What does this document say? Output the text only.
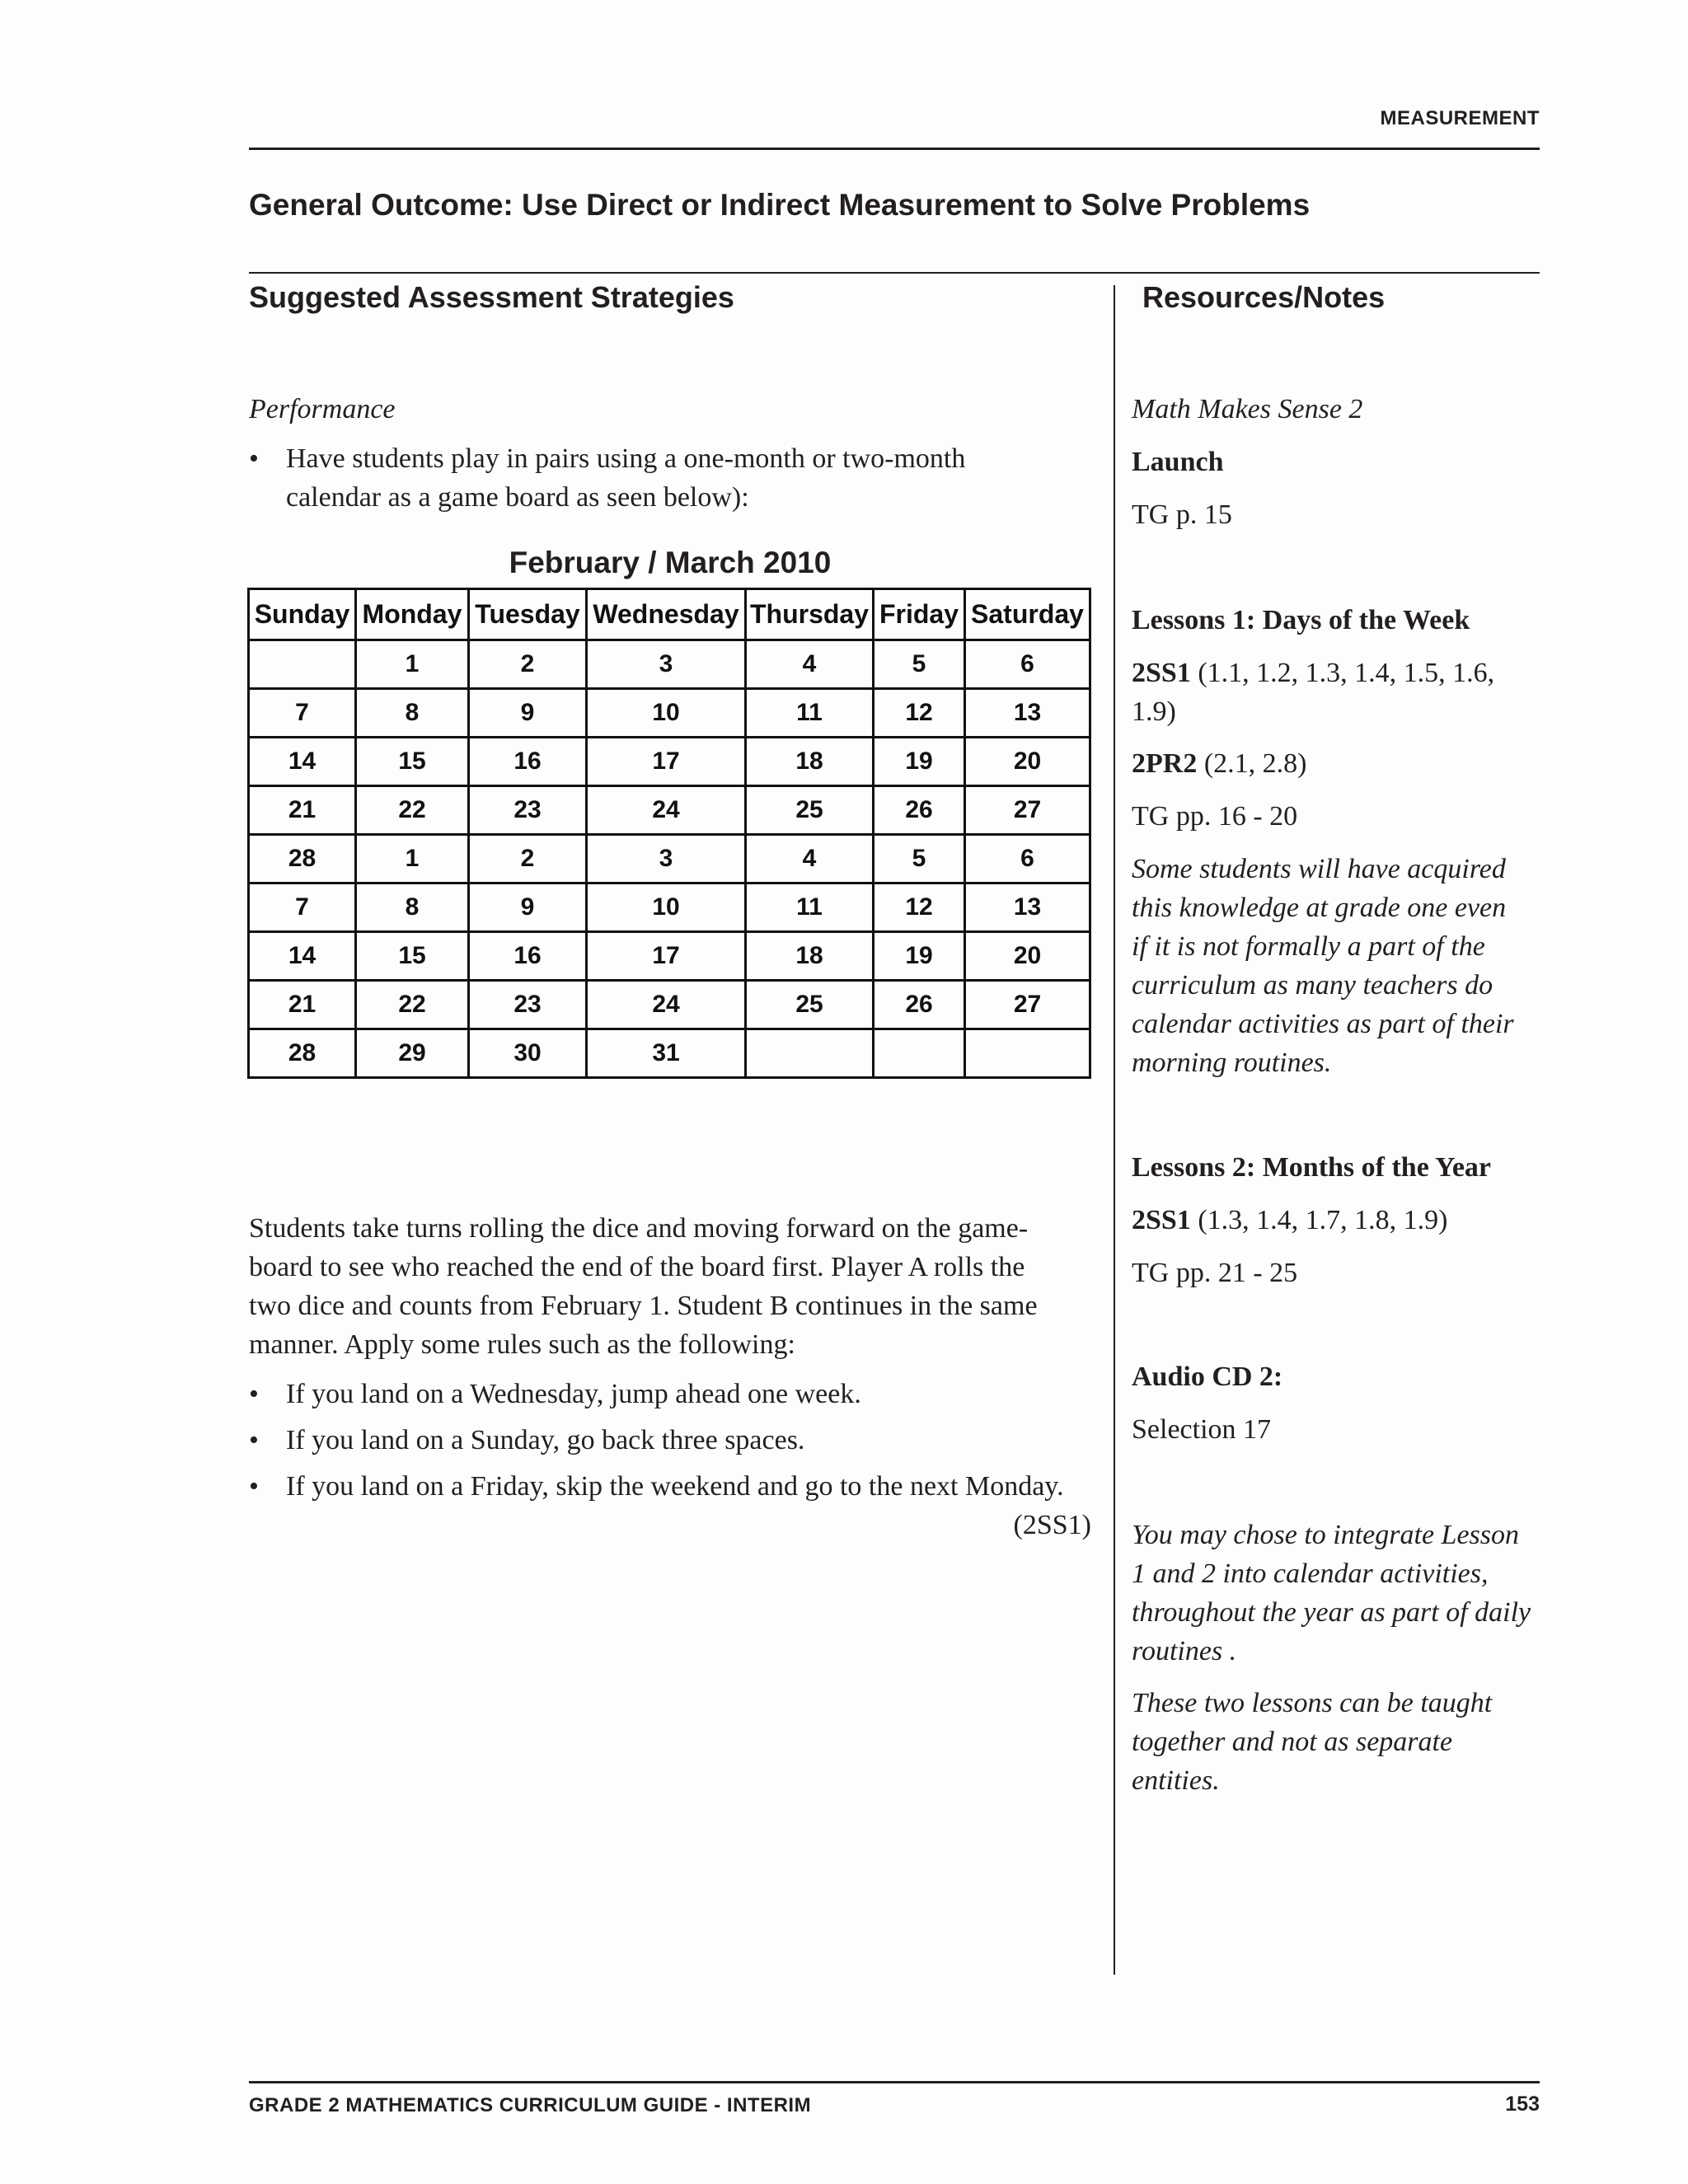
MEASUREMENT
General Outcome: Use Direct or Indirect Measurement to Solve Problems
Suggested Assessment Strategies	Resources/Notes
Performance
• Have students play in pairs using a one-month or two-month
calendar as a game board as seen below):
February / March 2010
Sunday	Monday	Tuesday	Wednesday	Thursday	Friday	Saturday
	1	2	3	4	5	6
7	8	9	10	11	12	13
14	15	16	17	18	19	20
21	22	23	24	25	26	27
28	1	2	3	4	5	6
7	8	9	10	11	12	13
14	15	16	17	18	19	20
21	22	23	24	25	26	27
28	29	30	31			
Students take turns rolling the dice and moving forward on the game-
board to see who reached the end of the board first. Player A rolls the
two dice and counts from February 1. Student B continues in the same
manner. Apply some rules such as the following:
• If you land on a Wednesday, jump ahead one week.
• If you land on a Sunday, go back three spaces.
• If you land on a Friday, skip the weekend and go to the next Monday.
(2SS1)
Math Makes Sense 2
Launch
TG p. 15
Lessons 1: Days of the Week
2SS1 (1.1, 1.2, 1.3, 1.4, 1.5, 1.6,
1.9)
2PR2 (2.1, 2.8)
TG pp. 16 - 20
Some students will have acquired
this knowledge at grade one even
if it is not formally a part of the
curriculum as many teachers do
calendar activities as part of their
morning routines.
Lessons 2: Months of the Year
2SS1 (1.3, 1.4, 1.7, 1.8, 1.9)
TG pp. 21 - 25
Audio CD 2:
Selection 17
You may chose to integrate Lesson
1 and 2 into calendar activities,
throughout the year as part of daily
routines .
These two lessons can be taught
together and not as separate entities.
GRADE 2 MATHEMATICS CURRICULUM GUIDE - INTERIM	153
